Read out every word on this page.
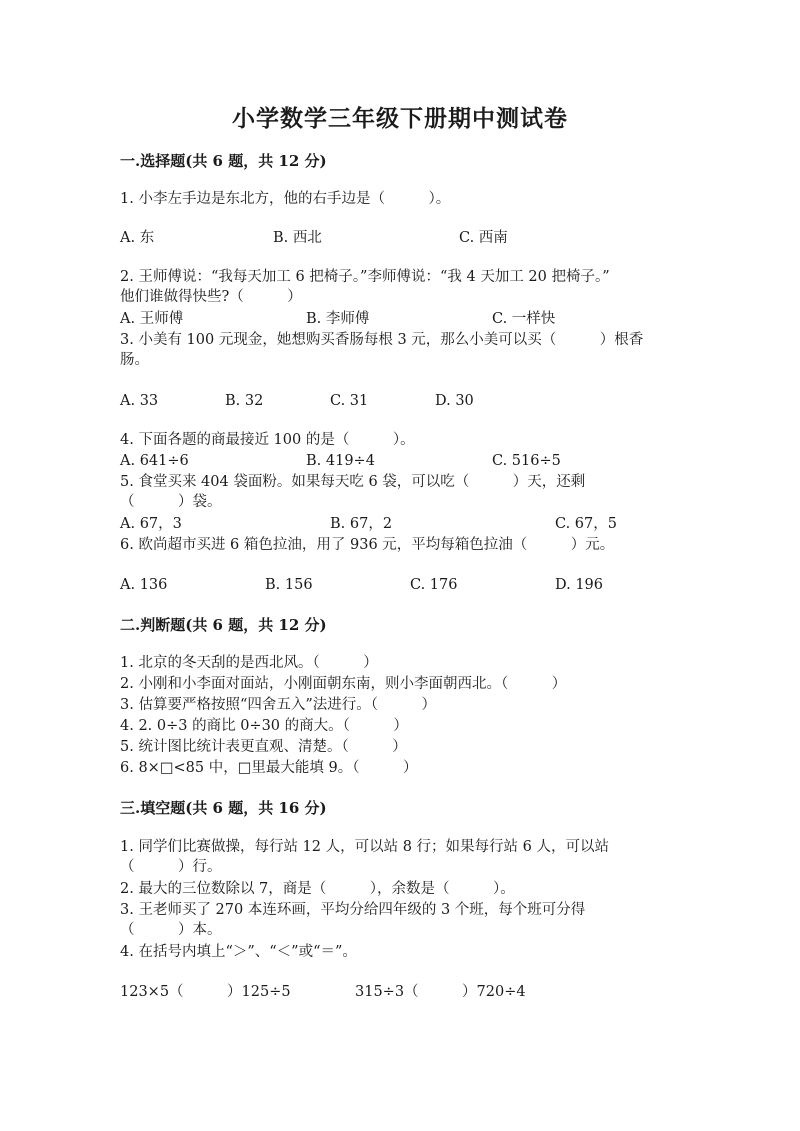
小学数学三年级下册期中测试卷
一.选择题(共 6 题，共 12 分)
1. 小李左手边是东北方，他的右手边是（　　　）。
A. 东	B. 西北	C. 西南
2. 王师傅说：“我每天加工 6 把椅子。”李师傅说：“我 4 天加工 20 把椅子。”
他们谁做得快些?（　　　）
A. 王师傅	B. 李师傅	C. 一样快
3. 小美有 100 元现金，她想购买香肠每根 3 元，那么小美可以买（　　　）根香
肠。
A. 33	B. 32	C. 31	D. 30
4. 下面各题的商最接近 100 的是（　　　）。
A. 641÷6	B. 419÷4	C. 516÷5
5. 食堂买来 404 袋面粉。如果每天吃 6 袋，可以吃（　　　）天，还剩
（　　　）袋。
A. 67，3	B. 67，2	C. 67，5
6. 欧尚超市买进 6 箱色拉油，用了 936 元，平均每箱色拉油（　　　）元。
A. 136	B. 156	C. 176	D. 196
二.判断题(共 6 题，共 12 分)
1. 北京的冬天刮的是西北风。（　　　）
2. 小刚和小李面对面站，小刚面朝东南，则小李面朝西北。（　　　）
3. 估算要严格按照“四舍五入”法进行。（　　　）
4. 2. 0÷3 的商比 0÷30 的商大。（　　　）
5. 统计图比统计表更直观、清楚。（　　　）
6. 8×□<85 中，□里最大能填 9。（　　　）
三.填空题(共 6 题，共 16 分)
1. 同学们比赛做操，每行站 12 人，可以站 8 行；如果每行站 6 人，可以站
（　　　）行。
2. 最大的三位数除以 7，商是（　　　），余数是（　　　）。
3. 王老师买了 270 本连环画，平均分给四年级的 3 个班，每个班可分得
（　　　）本。
4. 在括号内填上“＞”、“＜”或“＝”。
123×5（　　　）125÷5	315÷3（　　　）720÷4
